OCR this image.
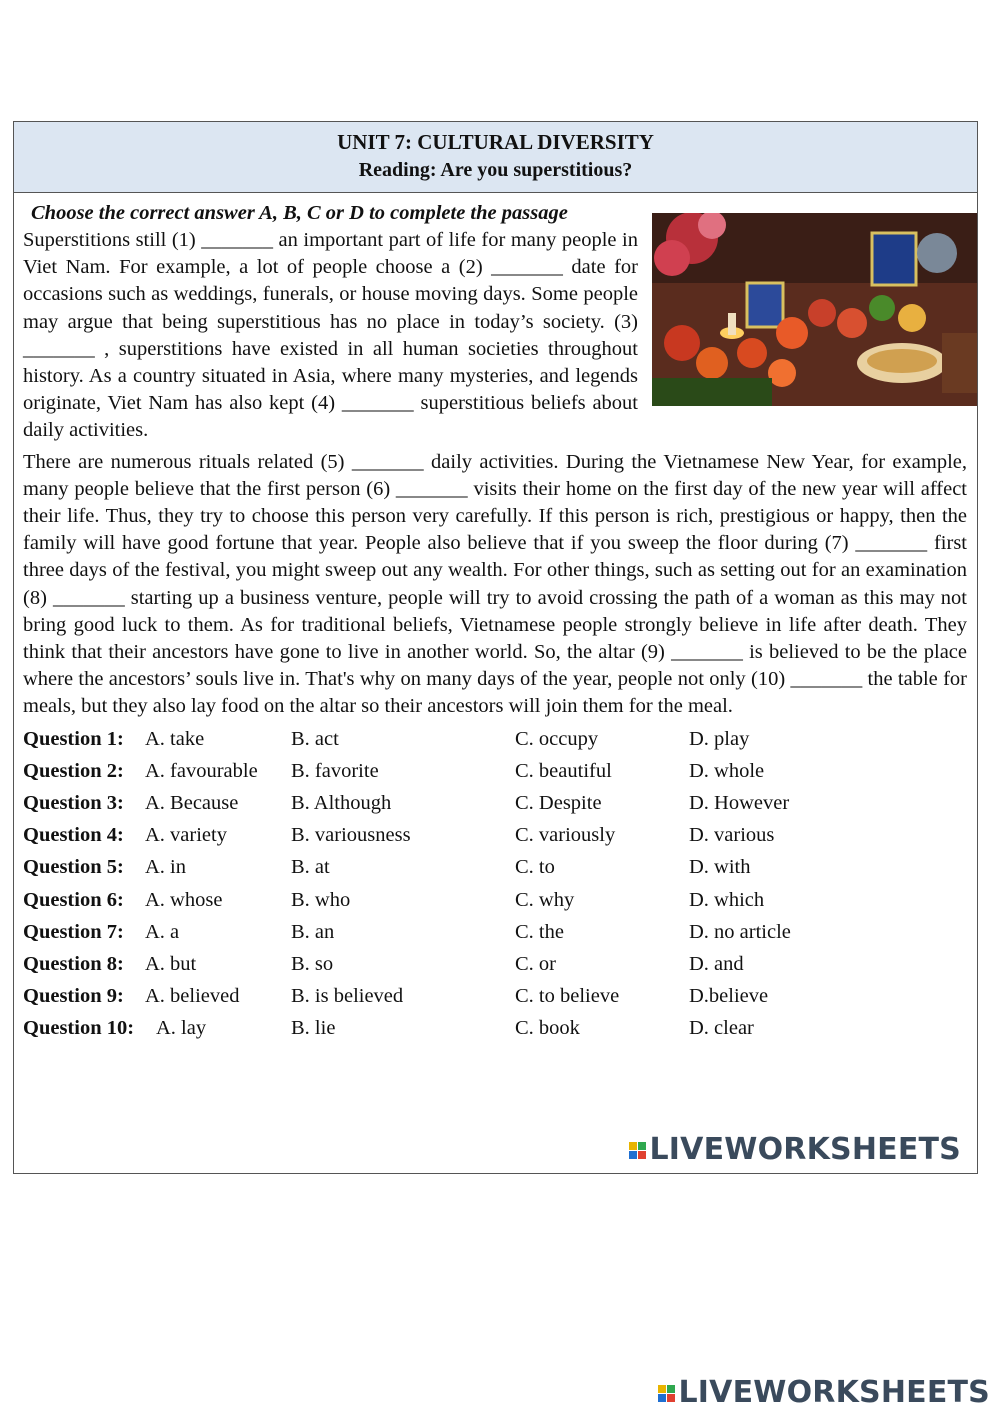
UNIT 7: CULTURAL DIVERSITY
Reading: Are you superstitious?
Choose the correct answer A, B, C or D to complete the passage
Superstitions still (1) _______ an important part of life for many people in Viet Nam. For example, a lot of people choose a (2) _______ date for occasions such as weddings, funerals, or house moving days. Some people may argue that being superstitious has no place in today’s society. (3) _______ , superstitions have existed in all human societies throughout history. As a country situated in Asia, where many mysteries, and legends originate, Viet Nam has also kept (4) _______ superstitious beliefs about daily activities.
There are numerous rituals related (5) _______ daily activities. During the Vietnamese New Year, for example, many people believe that the first person (6) _______ visits their home on the first day of the new year will affect their life. Thus, they try to choose this person very carefully. If this person is rich, prestigious or happy, then the family will have good fortune that year. People also believe that if you sweep the floor during (7) _______ first three days of the festival, you might sweep out any wealth. For other things, such as setting out for an examination (8) _______ starting up a business venture, people will try to avoid crossing the path of a woman as this may not bring good luck to them. As for traditional beliefs, Vietnamese people strongly believe in life after death. They think that their ancestors have gone to live in another world. So, the altar (9) _______ is believed to be the place where the ancestors’ souls live in. That's why on many days of the year, people not only (10) _______ the table for meals, but they also lay food on the altar so their ancestors will join them for the meal.
Question 1: A. take	B. act	C. occupy	D. play
Question 2: A. favourable B. favorite	C. beautiful	D. whole
Question 3: A. Because	B. Although	C. Despite	D. However
Question 4: A. variety	B. variousness	C. variously	D. various
Question 5: A. in	B. at	C. to	D. with
Question 6: A. whose	B. who	C. why	D. which
Question 7: A. a	B. an	C. the	D. no article
Question 8: A. but	B. so	C. or	D. and
Question 9: A. believed	B. is believed	C. to believe	D.believe
Question 10: A. lay	B. lie	C. book	D. clear
LIVEWORKSHEETS
LIVEWORKSHEETS
